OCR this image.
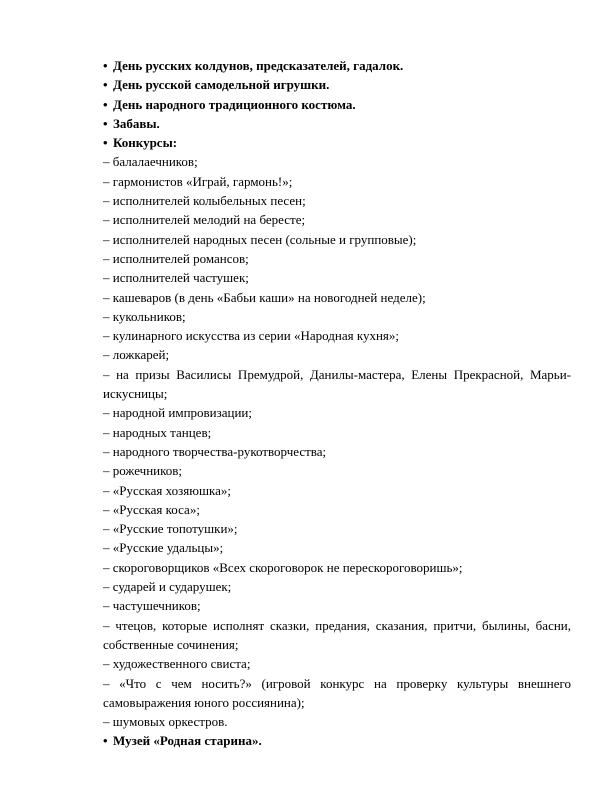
• День русских колдунов, предсказателей, гадалок.

• День русской самодельной игрушки.

• День народного традиционного костюма.

• Забавы.

• Конкурсы:

– балалаечников;

– гармонистов «Играй, гармонь!»;

– исполнителей колыбельных песен;

– исполнителей мелодий на бересте;

– исполнителей народных песен (сольные и групповые);

– исполнителей романсов;

– исполнителей частушек;

– кашеваров (в день «Бабьи каши» на новогодней неделе);

– кукольников;

– кулинарного искусства из серии «Народная кухня»;

– ложкарей;

– на призы Василисы Премудрой, Данилы-мастера, Елены Прекрасной, Марьи-искусницы;

– народной импровизации;

– народных танцев;

– народного творчества-рукотворчества;

– рожечников;

– «Русская хозяюшка»;

– «Русская коса»;

– «Русские топотушки»;

– «Русские удальцы»;

– скороговорщиков «Всех скороговорок не перескороговоришь»;

– сударей и сударушек;

– частушечников;

– чтецов, которые исполнят сказки, предания, сказания, притчи, былины, басни, собственные сочинения;

– художественного свиста;

– «Что с чем носить?» (игровой конкурс на проверку культуры внешнего самовыражения юного россиянина);

– шумовых оркестров.

• Музей «Родная старина».
